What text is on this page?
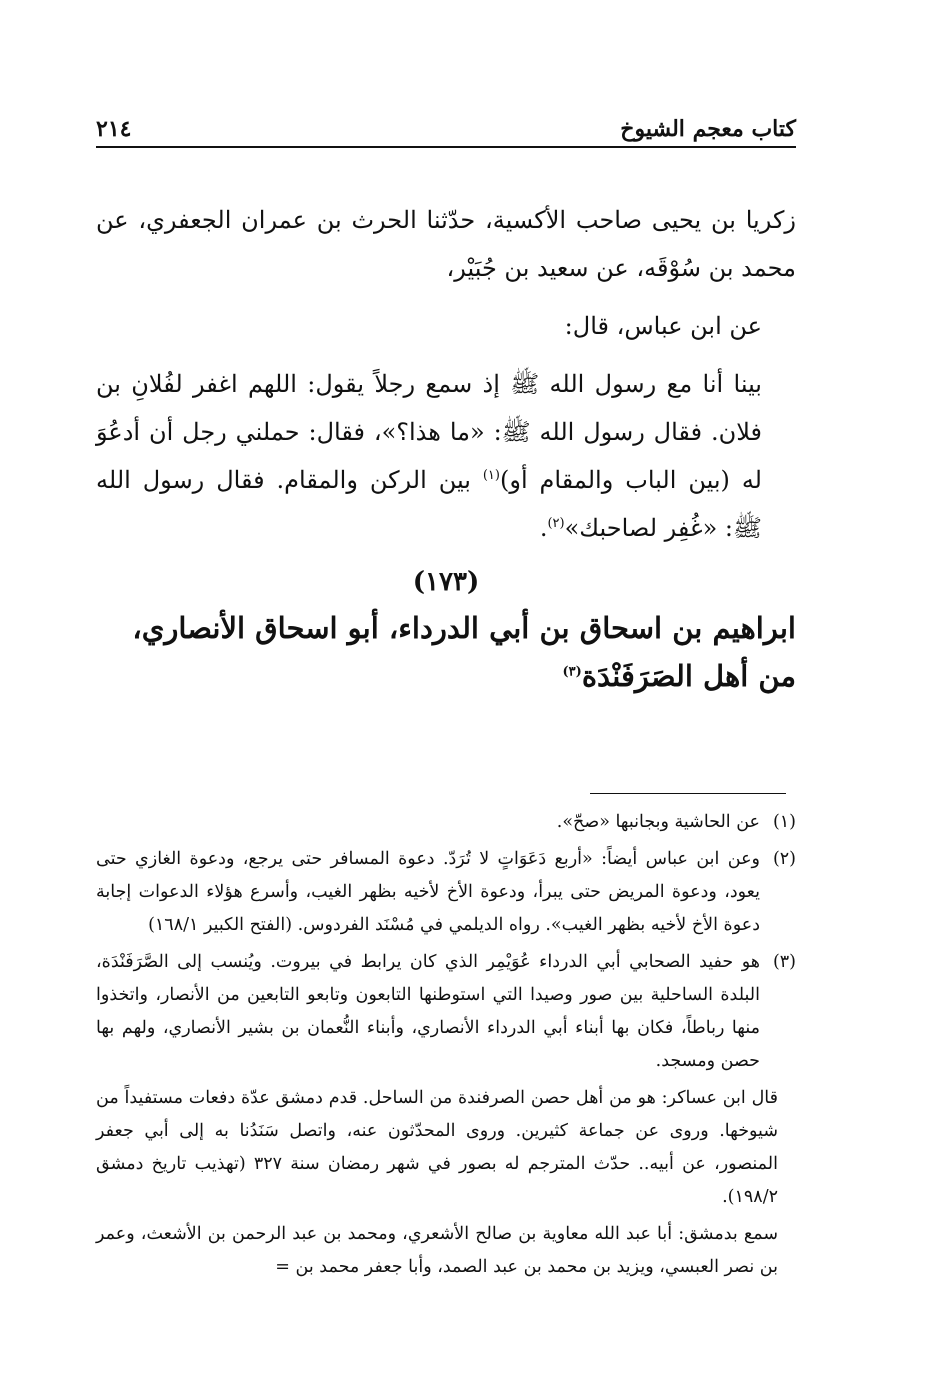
كتاب معجم الشيوخ
٢١٤

زكريا بن يحيى صاحب الأكسية، حدّثنا الحرث بن عمران الجعفري، عن محمد بن سُوْقَه، عن سعيد بن جُبَيْر،

عن ابن عباس، قال:

بينا أنا مع رسول الله ﷺ إذ سمع رجلاً يقول: اللهم اغفر لفُلانِ بن فلان. فقال رسول الله ﷺ: «ما هذا؟»، فقال: حملني رجل أن أدعُوَ له (بين الباب والمقام أو)$^{(١)}$ بين الركن والمقام. فقال رسول الله ﷺ: «غُفِر لصاحبك»$^{(٢)}$.

(١٧٣)
ابراهيم بن اسحاق بن أبي الدرداء، أبو اسحاق الأنصاري، من أهل الصَرَفَنْدَة$^{(٣)}$

(١)
عن الحاشية وبجانبها «صحّ».

(٢)
وعن ابن عباس أيضاً: «أربع دَعَوَاتٍ لا تُرَدّ. دعوة المسافر حتى يرجع، ودعوة الغازي حتى يعود، ودعوة المريض حتى يبرأ، ودعوة الأخ لأخيه بظهر الغيب، وأسرع هؤلاء الدعوات إجابة دعوة الأخ لأخيه بظهر الغيب». رواه الديلمي في مُسْنَد الفردوس. (الفتح الكبير ١٦٨/١)

(٣)
هو حفيد الصحابي أبي الدرداء عُوَيْمِر الذي كان يرابط في بيروت. ويُنسب إلى الصَّرَفَنْدَة، البلدة الساحلية بين صور وصيدا التي استوطنها التابعون وتابعو التابعين من الأنصار، واتخذوا منها رباطاً، فكان بها أبناء أبي الدرداء الأنصاري، وأبناء النُّعمان بن بشير الأنصاري، ولهم بها حصن ومسجد.

قال ابن عساكر: هو من أهل حصن الصرفندة من الساحل. قدم دمشق عدّة دفعات مستفيداً من شيوخها. وروى عن جماعة كثيرين. وروى المحدّثون عنه، واتصل سَنَدُنا به إلى أبي جعفر المنصور، عن أبيه.. حدّث المترجم له بصور في شهر رمضان سنة ٣٢٧ (تهذيب تاريخ دمشق ١٩٨/٢).

سمع بدمشق: أبا عبد الله معاوية بن صالح الأشعري، ومحمد بن عبد الرحمن بن الأشعث، وعمر بن نصر العبسي، ويزيد بن محمد بن عبد الصمد، وأبا جعفر محمد بن =
